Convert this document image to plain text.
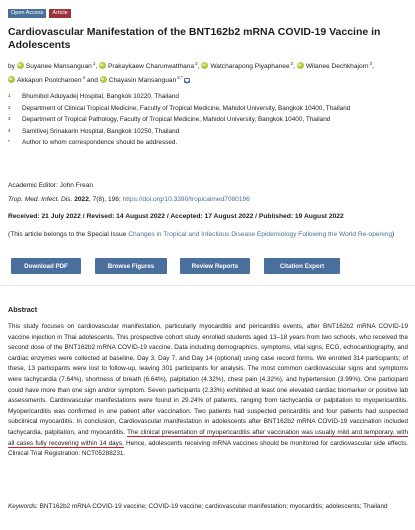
Open Access	Article
Cardiovascular Manifestation of the BNT162b2 mRNA COVID-19 Vaccine in Adolescents
by iD Suyanee Mansanguan$^1$, iDPrakaykaew Charunwatthana$^2$, iDWatcharapong Piyaphanee$^2$, iDWilanee Dechkhajorn$^3$, iDAkkapon Poolcharoen$^4$ and iD Chayasin Mansanguan$^{2,*}$
1	Bhumibol Adulyadej Hospital, Bangkok 10220, Thailand
2	Department of Clinical Tropical Medicine, Faculty of Tropical Medicine, Mahidol University, Bangkok 10400, Thailand
3	Department of Tropical Pathology, Faculty of Tropical Medicine, Mahidol University, Bangkok 10400, Thailand
4	Samitivej Srinakarin Hospital, Bangkok 10250, Thailand
*	Author to whom correspondence should be addressed.
Academic Editor: John Frean
Trop. Med. Infect. Dis. 2022, 7(8), 196; https://doi.org/10.3390/tropicalmed7080196
Received: 21 July 2022 / Revised: 14 August 2022 / Accepted: 17 August 2022 / Published: 19 August 2022
(This article belongs to the Special Issue Changes in Tropical and Infectious Disease Epidemiology Following the World Re-opening)
Download PDF	Browse Figures	Review Reports	Citation Export
Abstract

This study focuses on cardiovascular manifestation, particularly myocarditis and pericarditis events, after BNT162b2 mRNA COVID-19 vaccine injection in Thai adolescents. This prospective cohort study enrolled students aged 13–18 years from two schools, who received the second dose of the BNT162b2 mRNA COVID-19 vaccine. Data including demographics, symptoms, vital signs, ECG, echocardiography, and cardiac enzymes were collected at baseline, Day 3, Day 7, and Day 14 (optional) using case record forms. We enrolled 314 participants; of these, 13 participants were lost to follow-up, leaving 301 participants for analysis. The most common cardiovascular signs and symptoms were tachycardia (7.64%), shortness of breath (6.64%), palpitation (4.32%), chest pain (4.32%), and hypertension (3.99%). One participant could have more than one sign and/or symptom. Seven participants (2.33%) exhibited at least one elevated cardiac biomarker or positive lab assessments. Cardiovascular manifestations were found in 29.24% of patients, ranging from tachycardia or palpitation to myopericarditis. Myopericarditis was confirmed in one patient after vaccination. Two patients had suspected pericarditis and four patients had suspected subclinical myocarditis. In conclusion, Cardiovascular manifestation in adolescents after BNT162b2 mRNA COVID-19 vaccination included tachycardia, palpitation, and myocarditis. The clinical presentation of myopericarditis after vaccination was usually mild and temporary, with all cases fully recovering within 14 days. Hence, adolescents receiving mRNA vaccines should be monitored for cardiovascular side effects. Clinical Trial Registration: NCT05288231.

Keywords: BNT162b2 mRNA COVID-19 vaccine; COVID-19 vaccine; cardiovascular manifestation; myocarditis; adolescents; Thailand
